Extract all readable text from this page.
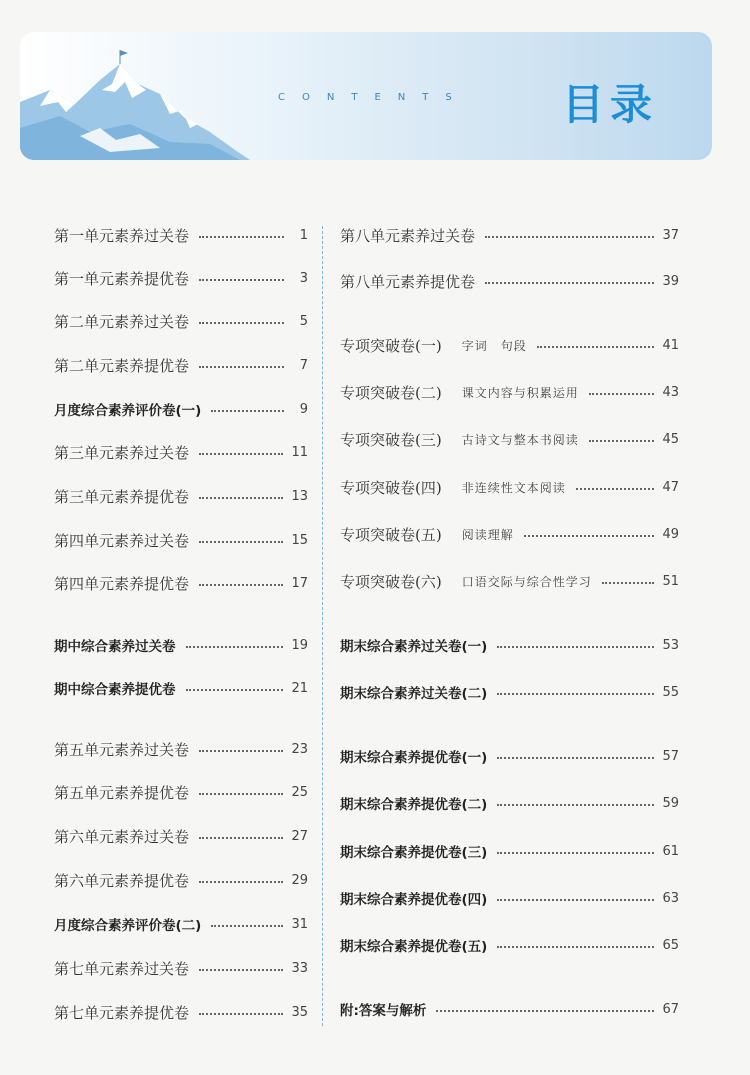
CONTENTS 目录
第一单元素养过关卷	1
第一单元素养提优卷	3
第二单元素养过关卷	5
第二单元素养提优卷	7
月度综合素养评价卷(一)	9
第三单元素养过关卷	11
第三单元素养提优卷	13
第四单元素养过关卷	15
第四单元素养提优卷	17
期中综合素养过关卷	19
期中综合素养提优卷	21
第五单元素养过关卷	23
第五单元素养提优卷	25
第六单元素养过关卷	27
第六单元素养提优卷	29
月度综合素养评价卷(二)	31
第七单元素养过关卷	33
第七单元素养提优卷	35
第八单元素养过关卷	37
第八单元素养提优卷	39
专项突破卷(一) 字词　句段	41
专项突破卷(二) 课文内容与积累运用	43
专项突破卷(三) 古诗文与整本书阅读	45
专项突破卷(四) 非连续性文本阅读	47
专项突破卷(五) 阅读理解	49
专项突破卷(六) 口语交际与综合性学习	51
期末综合素养过关卷(一)	53
期末综合素养过关卷(二)	55
期末综合素养提优卷(一)	57
期末综合素养提优卷(二)	59
期末综合素养提优卷(三)	61
期末综合素养提优卷(四)	63
期末综合素养提优卷(五)	65
附:答案与解析	67
